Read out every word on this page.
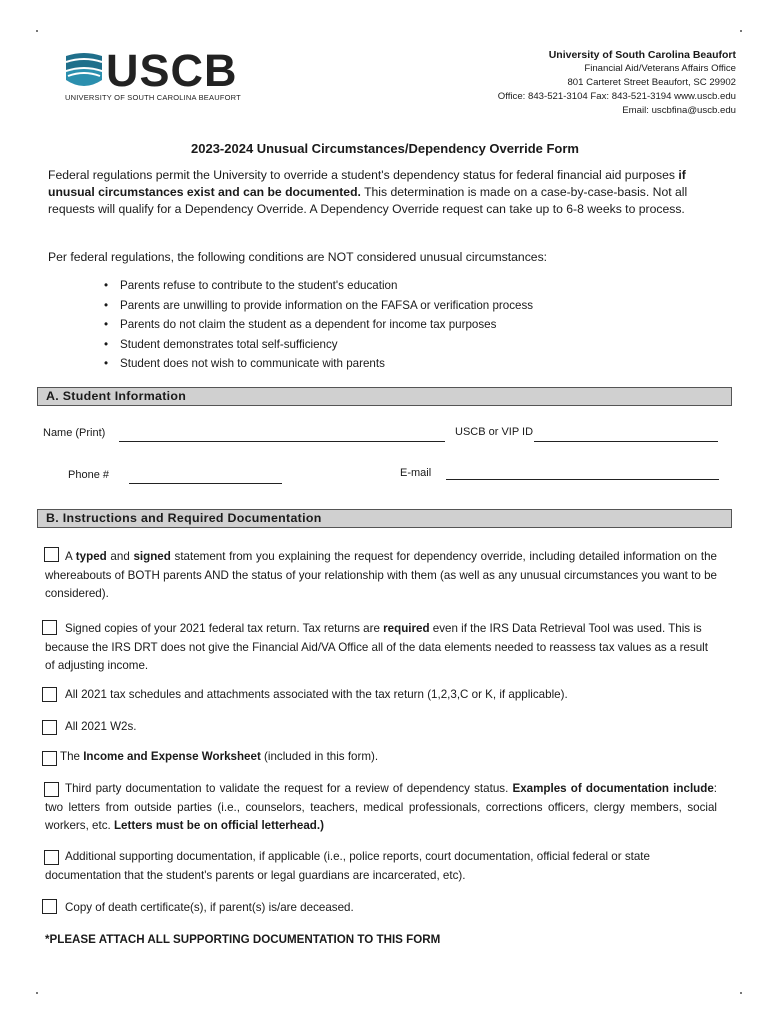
USCB
UNIVERSITY OF SOUTH CAROLINA BEAUFORT
University of South Carolina Beaufort
Financial Aid/Veterans Affairs Office
801 Carteret Street Beaufort, SC 29902
Office: 843-521-3104 Fax: 843-521-3194 www.uscb.edu
Email: uscbfina@uscb.edu
2023-2024 Unusual Circumstances/Dependency Override Form
Federal regulations permit the University to override a student's dependency status for federal financial aid purposes if unusual circumstances exist and can be documented. This determination is made on a case-by-case-basis. Not all requests will qualify for a Dependency Override. A Dependency Override request can take up to 6-8 weeks to process.
Per federal regulations, the following conditions are NOT considered unusual circumstances:
• Parents refuse to contribute to the student's education
• Parents are unwilling to provide information on the FAFSA or verification process
• Parents do not claim the student as a dependent for income tax purposes
• Student demonstrates total self-sufficiency
• Student does not wish to communicate with parents
A. Student Information
Name (Print)	USCB or VIP ID
Phone #	E-mail
B. Instructions and Required Documentation
A typed and signed statement from you explaining the request for dependency override, including detailed information on the whereabouts of BOTH parents AND the status of your relationship with them (as well as any unusual circumstances you want to be considered).
Signed copies of your 2021 federal tax return. Tax returns are required even if the IRS Data Retrieval Tool was used. This is because the IRS DRT does not give the Financial Aid/VA Office all of the data elements needed to reassess tax values as a result of adjusting income.
All 2021 tax schedules and attachments associated with the tax return (1,2,3,C or K, if applicable).
All 2021 W2s.
The Income and Expense Worksheet (included in this form).
Third party documentation to validate the request for a review of dependency status. Examples of documentation include: two letters from outside parties (i.e., counselors, teachers, medical professionals, corrections officers, clergy members, social workers, etc. Letters must be on official letterhead.)
Additional supporting documentation, if applicable (i.e., police reports, court documentation, official federal or state documentation that the student's parents or legal guardians are incarcerated, etc).
Copy of death certificate(s), if parent(s) is/are deceased.
*PLEASE ATTACH ALL SUPPORTING DOCUMENTATION TO THIS FORM
